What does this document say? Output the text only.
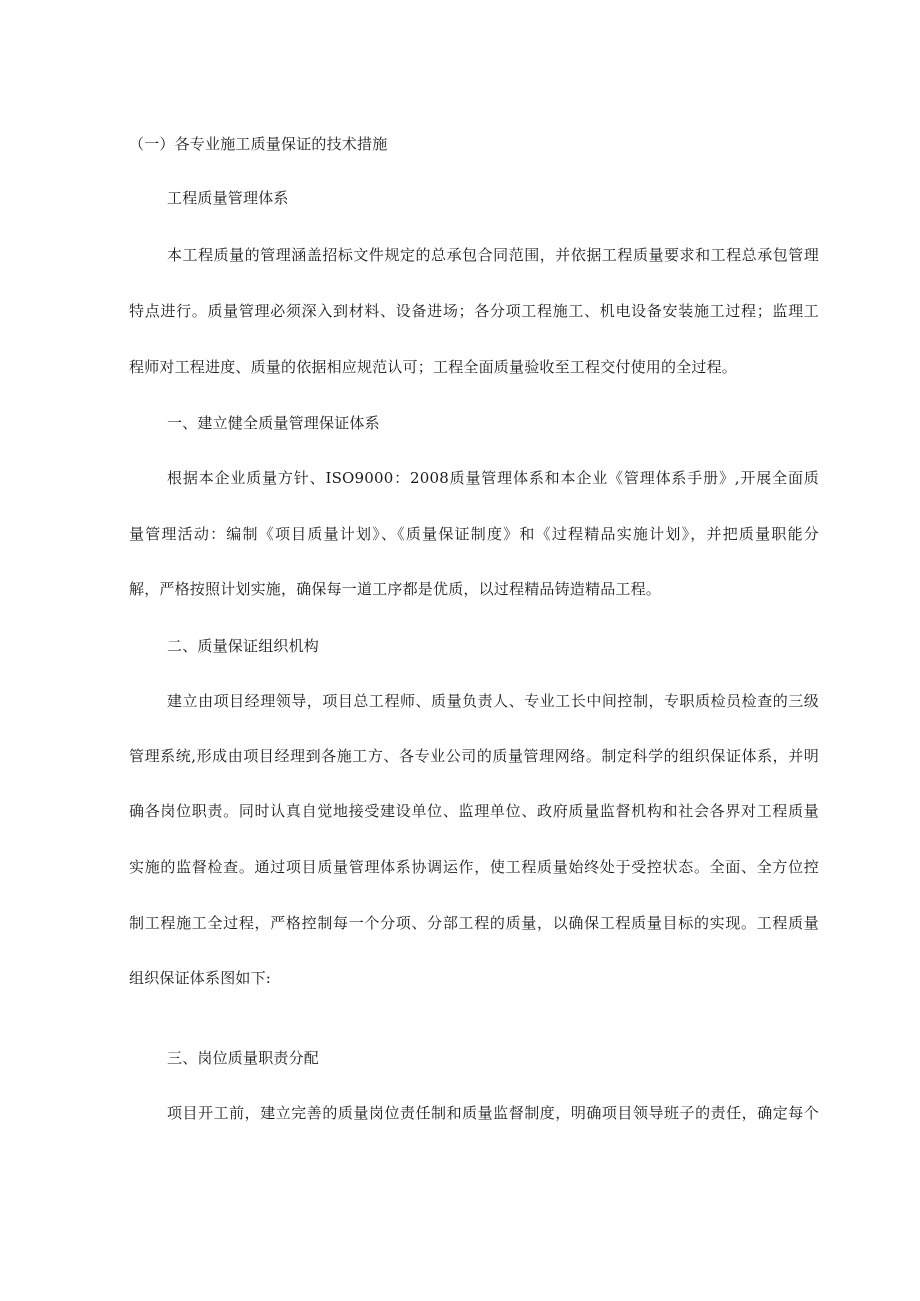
（一）各专业施工质量保证的技术措施
工程质量管理体系
本工程质量的管理涵盖招标文件规定的总承包合同范围，并依据工程质量要求和工程总承包管理
特点进行。质量管理必须深入到材料、设备进场；各分项工程施工、机电设备安装施工过程；监理工
程师对工程进度、质量的依据相应规范认可；工程全面质量验收至工程交付使用的全过程。
一、建立健全质量管理保证体系
根据本企业质量方针、ISO9000：2008质量管理体系和本企业《管理体系手册》,开展全面质
量管理活动：编制《项目质量计划》、《质量保证制度》和《过程精品实施计划》，并把质量职能分
解，严格按照计划实施，确保每一道工序都是优质，以过程精品铸造精品工程。
二、质量保证组织机构
建立由项目经理领导，项目总工程师、质量负责人、专业工长中间控制，专职质检员检查的三级
管理系统,形成由项目经理到各施工方、各专业公司的质量管理网络。制定科学的组织保证体系，并明
确各岗位职责。同时认真自觉地接受建设单位、监理单位、政府质量监督机构和社会各界对工程质量
实施的监督检查。通过项目质量管理体系协调运作，使工程质量始终处于受控状态。全面、全方位控
制工程施工全过程，严格控制每一个分项、分部工程的质量，以确保工程质量目标的实现。工程质量
组织保证体系图如下:
三、岗位质量职责分配
项目开工前，建立完善的质量岗位责任制和质量监督制度，明确项目领导班子的责任，确定每个
